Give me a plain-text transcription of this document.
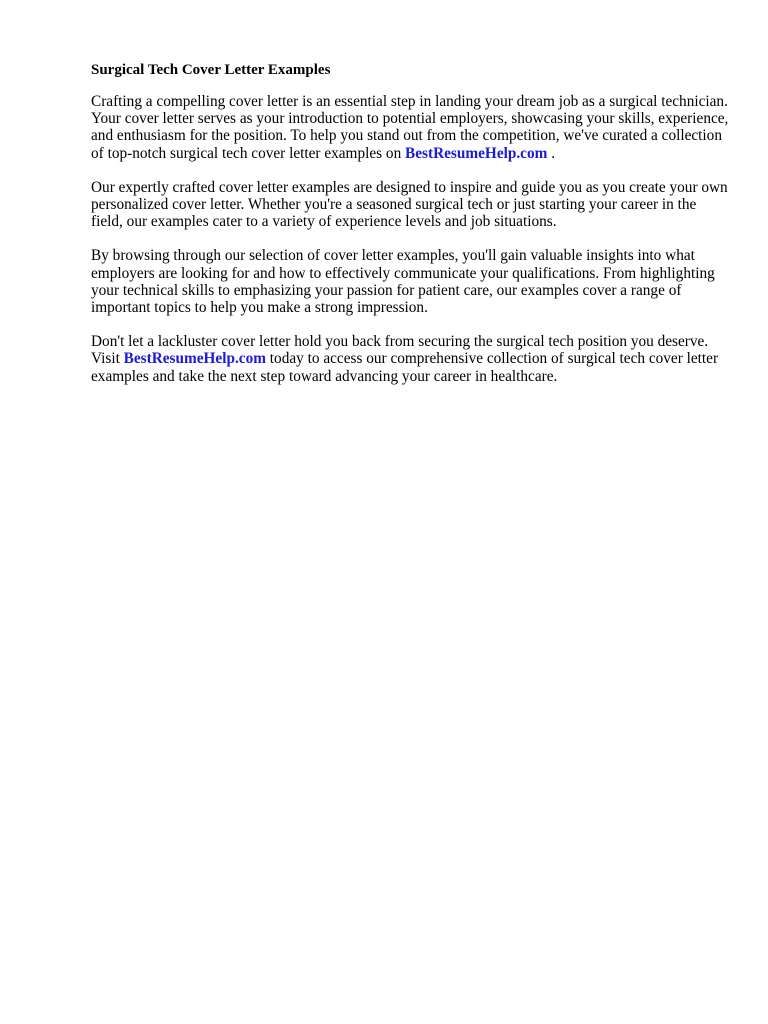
Surgical Tech Cover Letter Examples

Crafting a compelling cover letter is an essential step in landing your dream job as a surgical technician. Your cover letter serves as your introduction to potential employers, showcasing your skills, experience, and enthusiasm for the position. To help you stand out from the competition, we've curated a collection of top-notch surgical tech cover letter examples on BestResumeHelp.com .

Our expertly crafted cover letter examples are designed to inspire and guide you as you create your own personalized cover letter. Whether you're a seasoned surgical tech or just starting your career in the field, our examples cater to a variety of experience levels and job situations.

By browsing through our selection of cover letter examples, you'll gain valuable insights into what employers are looking for and how to effectively communicate your qualifications. From highlighting your technical skills to emphasizing your passion for patient care, our examples cover a range of important topics to help you make a strong impression.

Don't let a lackluster cover letter hold you back from securing the surgical tech position you deserve. Visit BestResumeHelp.com today to access our comprehensive collection of surgical tech cover letter examples and take the next step toward advancing your career in healthcare.
